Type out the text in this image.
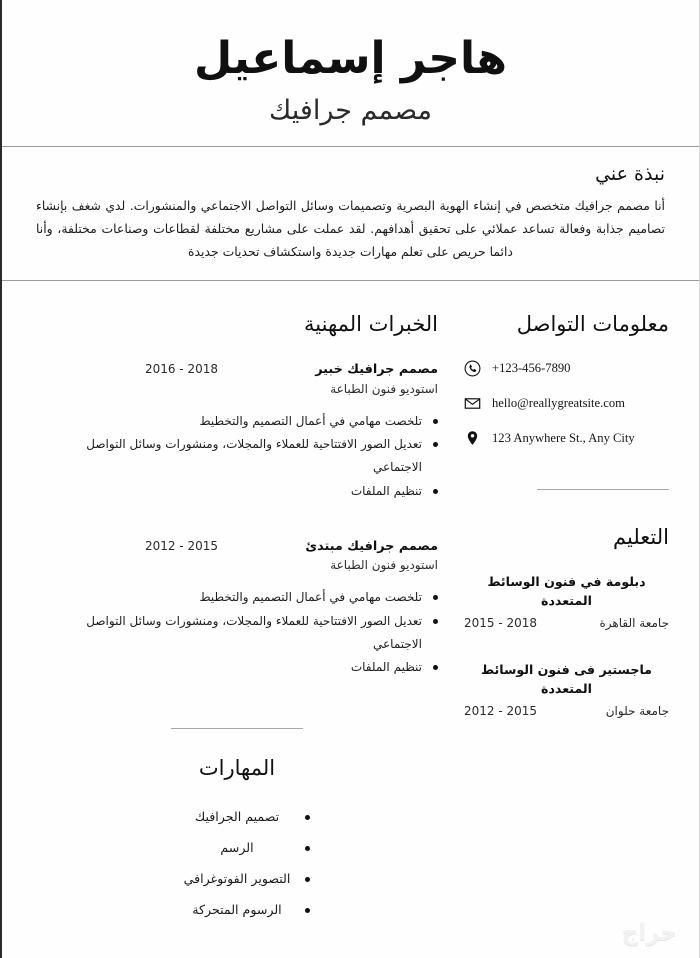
هاجر إسماعيل
مصمم جرافيك
نبذة عني
أنا مصمم جرافيك متخصص في إنشاء الهوية البصرية وتصميمات وسائل التواصل الاجتماعي والمنشورات. لدي شغف بإنشاء تصاميم جذابة وفعالة تساعد عملائي على تحقيق أهدافهم. لقد عملت على مشاريع مختلفة لقطاعات وصناعات مختلفة، وأنا دائما حريص على تعلم مهارات جديدة واستكشاف تحديات جديدة
معلومات التواصل
+123-456-7890
hello@reallygreatsite.com
123 Anywhere St., Any City
التعليم
دبلومة في فنون الوسائط المتعددة
جامعة القاهرة
2015 - 2018
ماجستير فى فنون الوسائط المتعددة
جامعة حلوان
2012 - 2015
الخبرات المهنية
مصمم جرافيك خبير
استوديو فنون الطباعة
2016 - 2018
تلخصت مهامي في أعمال التصميم والتخطيط
تعديل الصور الافتتاحية للعملاء والمجلات، ومنشورات وسائل التواصل الاجتماعي
تنظيم الملفات
مصمم جرافيك مبتدئ
استوديو فنون الطباعة
2012 - 2015
تلخصت مهامي في أعمال التصميم والتخطيط
تعديل الصور الافتتاحية للعملاء والمجلات، ومنشورات وسائل التواصل الاجتماعي
تنظيم الملفات
المهارات
تصميم الجرافيك الرسم التصوير الفوتوغرافي الرسوم المتحركة
حراج
